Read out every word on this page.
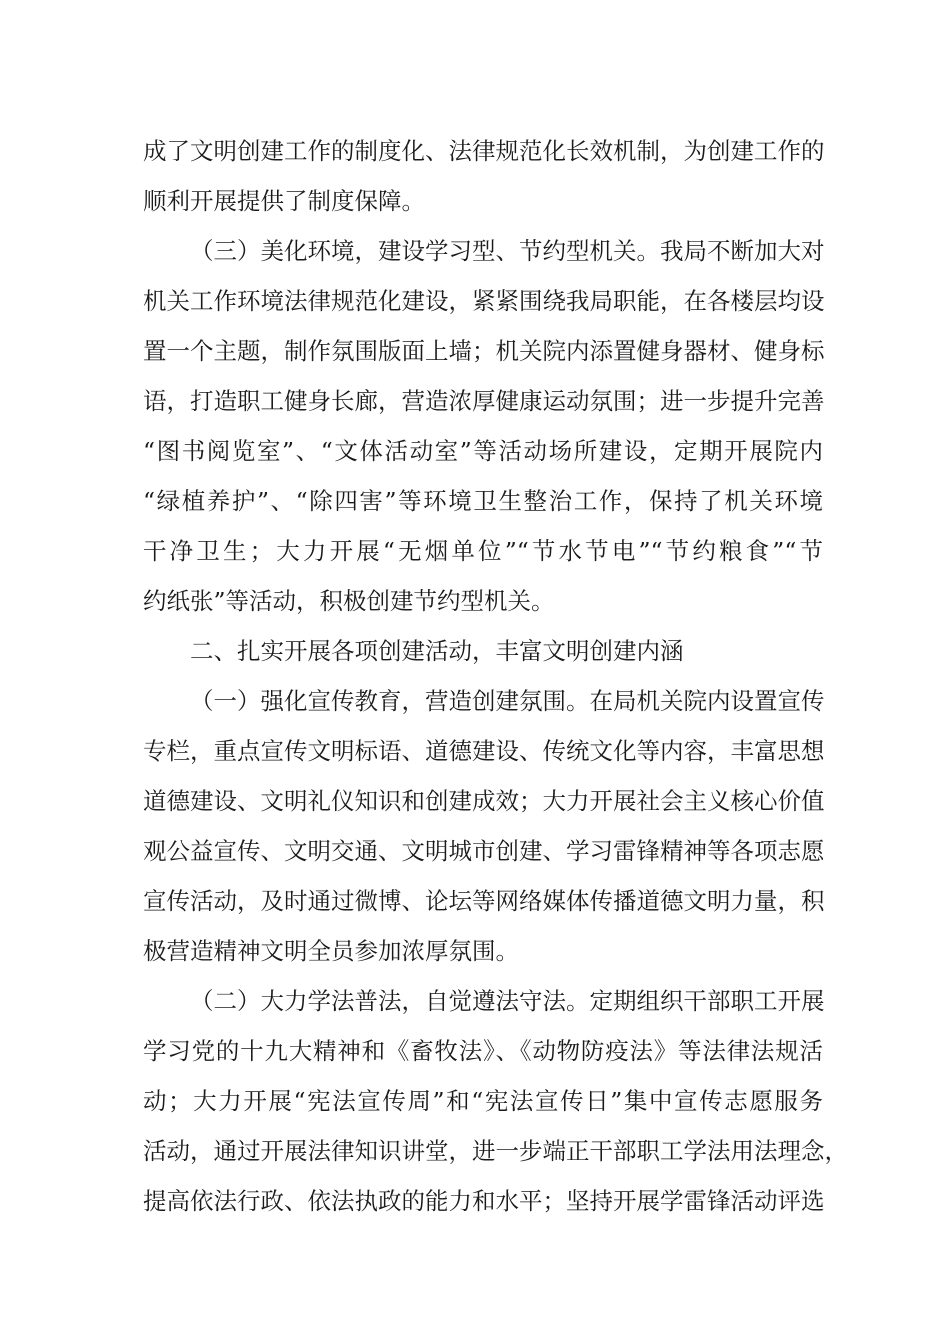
成了文明创建工作的制度化、法律规范化长效机制，为创建工作的
顺利开展提供了制度保障。
（三）美化环境，建设学习型、节约型机关。我局不断加大对
机关工作环境法律规范化建设，紧紧围绕我局职能，在各楼层均设
置一个主题，制作氛围版面上墙；机关院内添置健身器材、健身标
语，打造职工健身长廊，营造浓厚健康运动氛围；进一步提升完善
“图书阅览室”、“文体活动室”等活动场所建设，定期开展院内
“绿植养护”、“除四害”等环境卫生整治工作，保持了机关环境
干净卫生；大力开展“无烟单位”“节水节电”“节约粮食”“节
约纸张”等活动，积极创建节约型机关。
二、扎实开展各项创建活动，丰富文明创建内涵
（一）强化宣传教育，营造创建氛围。在局机关院内设置宣传
专栏，重点宣传文明标语、道德建设、传统文化等内容，丰富思想
道德建设、文明礼仪知识和创建成效；大力开展社会主义核心价值
观公益宣传、文明交通、文明城市创建、学习雷锋精神等各项志愿
宣传活动，及时通过微博、论坛等网络媒体传播道德文明力量，积
极营造精神文明全员参加浓厚氛围。
（二）大力学法普法，自觉遵法守法。定期组织干部职工开展
学习党的十九大精神和《畜牧法》、《动物防疫法》等法律法规活
动；大力开展“宪法宣传周”和“宪法宣传日”集中宣传志愿服务
活动，通过开展法律知识讲堂，进一步端正干部职工学法用法理念，
提高依法行政、依法执政的能力和水平；坚持开展学雷锋活动评选
